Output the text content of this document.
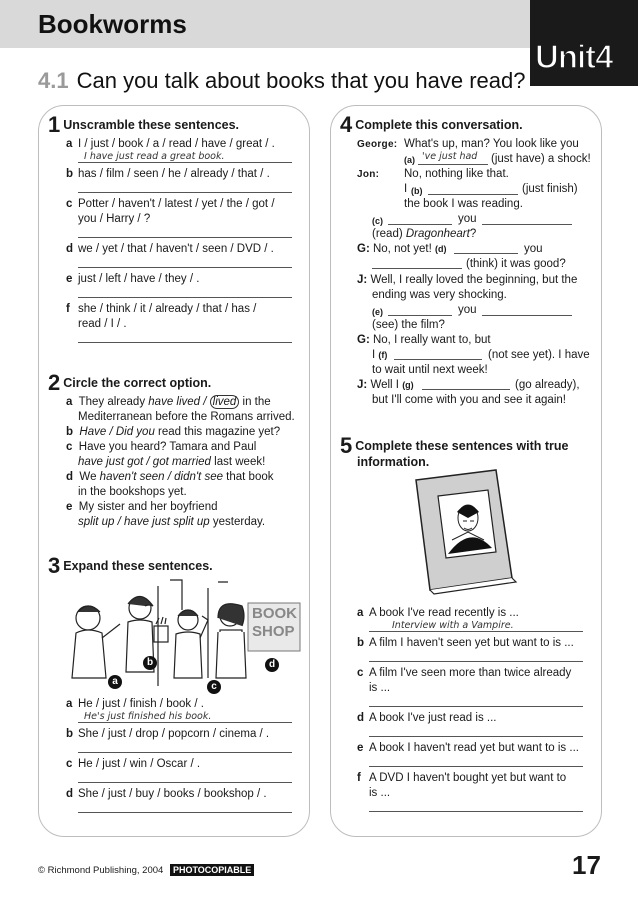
Unit4
Bookworms
4.1 Can you talk about books that you have read?
1 Unscramble these sentences.
a I / just / book / a / read / have / great / .
I have just read a great book.
b has / film / seen / he / already / that / .
c Potter / haven't / latest / yet / the / got /
you / Harry / ?
d we / yet / that / haven't / seen / DVD / .
e just / left / have / they / .
f she / think / it / already / that / has /
read / I / .
2 Circle the correct option.
a They already have lived / lived in the
Mediterranean before the Romans arrived.
b Have / Did you read this magazine yet?
c Have you heard? Tamara and Paul
have just got / got married last week!
d We haven't seen / didn't see that book
in the bookshops yet.
e My sister and her boyfriend
split up / have just split up yesterday.
3 Expand these sentences.
BOOK
SHOP
a
b
c
d
a He / just / finish / book / .
He's just finished his book.
b She / just / drop / popcorn / cinema / .
c He / just / win / Oscar / .
d She / just / buy / books / bookshop / .
4 Complete this conversation.
George: What's up, man? You look like you
(a) 've just had (just have) a shock!
Jon: No, nothing like that.
I (b)	(just finish)
the book I was reading.
(c)	you
(read) Dragonheart?
G: No, not yet! (d)	you
(think) it was good?
J: Well, I really loved the beginning, but the
ending was very shocking.
(e)	you
(see) the film?
G: No, I really want to, but
I (f)	(not see yet). I have
to wait until next week!
J: Well I (g)	(go already),
but I'll come with you and see it again!
5 Complete these sentences with true
information.
a A book I've read recently is ...
Interview with a Vampire.
b A film I haven't seen yet but want to is ...
c A film I've seen more than twice already
is ...
d A book I've just read is ...
e A book I haven't read yet but want to is ...
f A DVD I haven't bought yet but want to
is ...
© Richmond Publishing, 2004 PHOTOCOPIABLE	17
